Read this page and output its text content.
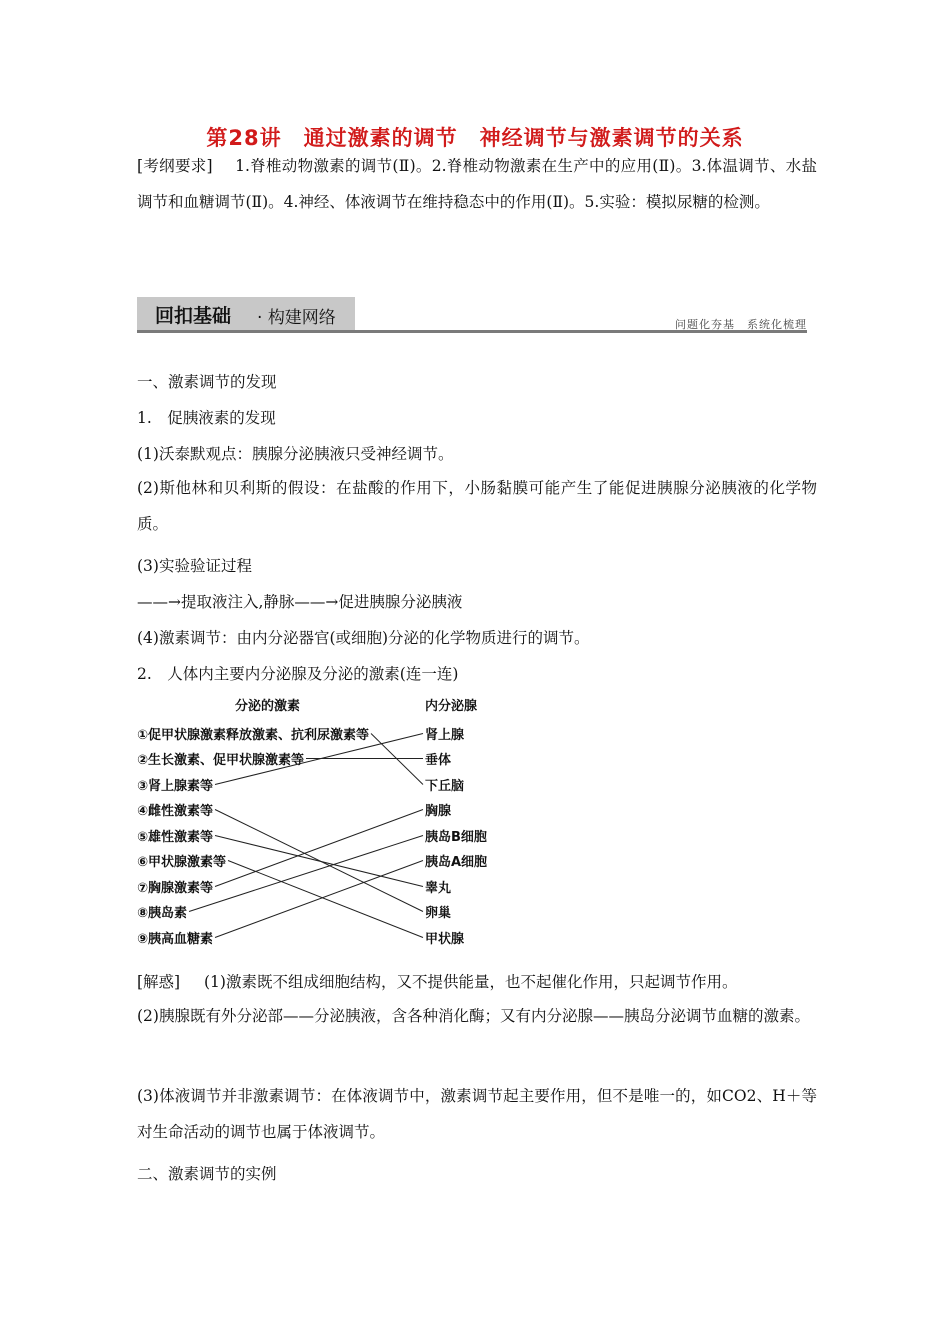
第28讲　通过激素的调节　神经调节与激素调节的关系
[考纲要求] 1.脊椎动物激素的调节(Ⅱ)。2.脊椎动物激素在生产中的应用(Ⅱ)。3.体温调节、水盐调节和血糖调节(Ⅱ)。4.神经、体液调节在维持稳态中的作用(Ⅱ)。5.实验：模拟尿糖的检测。
回扣基础 · 构建网络	问题化夯基　系统化梳理
一、激素调节的发现
1.　促胰液素的发现
(1)沃泰默观点：胰腺分泌胰液只受神经调节。
(2)斯他林和贝利斯的假设：在盐酸的作用下，小肠黏膜可能产生了能促进胰腺分泌胰液的化学物质。
(3)实验验证过程
——→提取液注入,静脉——→促进胰腺分泌胰液
(4)激素调节：由内分泌器官(或细胞)分泌的化学物质进行的调节。
2.　人体内主要内分泌腺及分泌的激素(连一连)
分泌的激素	内分泌腺
①促甲状腺激素释放激素、抗利尿激素等
②生长激素、促甲状腺激素等
③肾上腺素等
④雌性激素等
⑤雄性激素等
⑥甲状腺激素等
⑦胸腺激素等
⑧胰岛素
⑨胰高血糖素
肾上腺
垂体
下丘脑
胸腺
胰岛B细胞
胰岛A细胞
睾丸
卵巢
甲状腺
[解惑] (1)激素既不组成细胞结构，又不提供能量，也不起催化作用，只起调节作用。
(2)胰腺既有外分泌部——分泌胰液，含各种消化酶；又有内分泌腺——胰岛分泌调节血糖的激素。
(3)体液调节并非激素调节：在体液调节中，激素调节起主要作用，但不是唯一的，如CO2、H＋等对生命活动的调节也属于体液调节。
二、激素调节的实例
